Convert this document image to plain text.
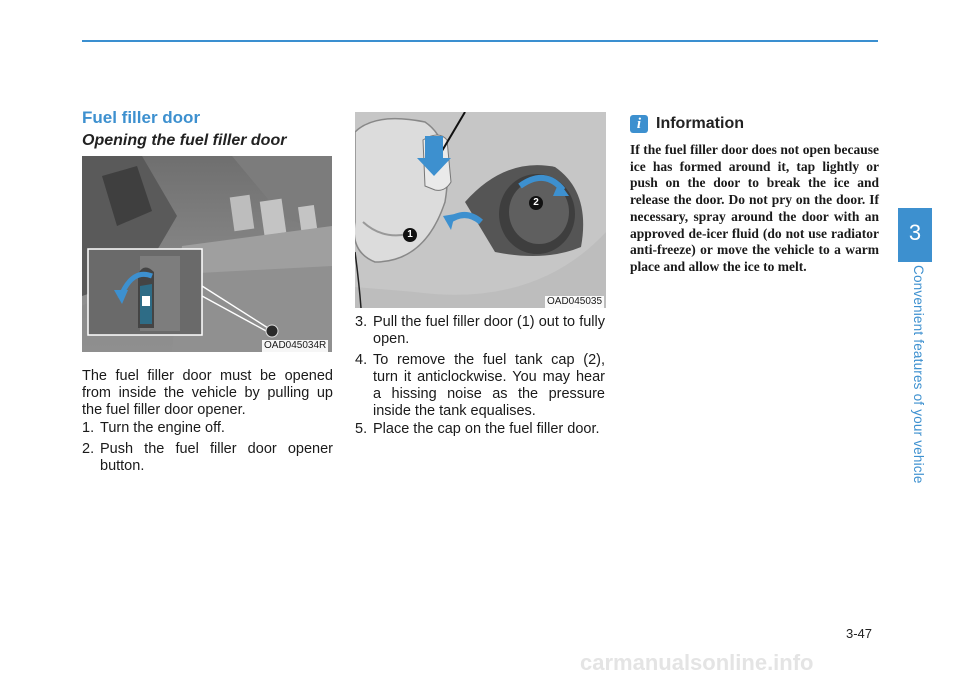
Fuel filler door
Opening the fuel filler door
OAD045034R

The fuel filler door must be opened from inside the vehicle by pulling up the fuel filler door opener.

1. Turn the engine off.
2. Push the fuel filler door opener button.
1
2
OAD045035
3. Pull the fuel filler door (1) out to fully open.
4. To remove the fuel tank cap (2), turn it anticlockwise. You may hear a hissing noise as the pressure inside the tank equalises.
5. Place the cap on the fuel filler door.
i Information

If the fuel filler door does not open because ice has formed around it, tap lightly or push on the door to break the ice and release the door. Do not pry on the door. If necessary, spray around the door with an approved de-icer fluid (do not use radiator anti-freeze) or move the vehicle to a warm place and allow the ice to melt.

3
Convenient features of your vehicle
3-47
carmanualsonline.info
